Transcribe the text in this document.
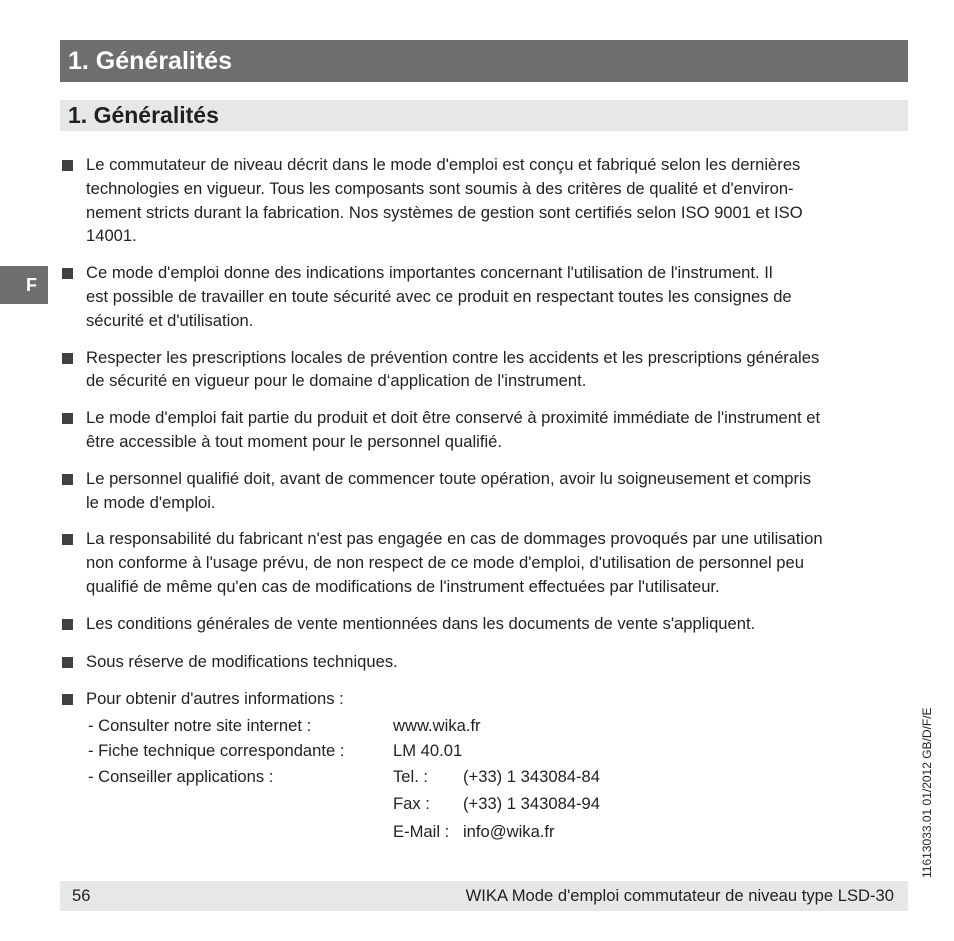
1. Généralités
1. Généralités
F
Le commutateur de niveau décrit dans le mode d'emploi est conçu et fabriqué selon les dernières
technologies en vigueur. Tous les composants sont soumis à des critères de qualité et d'environ-
nement stricts durant la fabrication. Nos systèmes de gestion sont certifiés selon ISO 9001 et ISO
14001.
Ce mode d'emploi donne des indications importantes concernant l'utilisation de l'instrument. Il
est possible de travailler en toute sécurité avec ce produit en respectant toutes les consignes de
sécurité et d'utilisation.
Respecter les prescriptions locales de prévention contre les accidents et les prescriptions générales
de sécurité en vigueur pour le domaine d‘application de l'instrument.
Le mode d'emploi fait partie du produit et doit être conservé à proximité immédiate de l'instrument et
être accessible à tout moment pour le personnel qualifié.
Le personnel qualifié doit, avant de commencer toute opération, avoir lu soigneusement et compris
le mode d'emploi.
La responsabilité du fabricant n'est pas engagée en cas de dommages provoqués par une utilisation
non conforme à l'usage prévu, de non respect de ce mode d'emploi, d'utilisation de personnel peu
qualifié de même qu'en cas de modifications de l'instrument effectuées par l'utilisateur.
Les conditions générales de vente mentionnées dans les documents de vente s'appliquent.
Sous réserve de modifications techniques.
Pour obtenir d'autres informations :
- Consulter notre site internet :	www.wika.fr
- Fiche technique correspondante :	LM 40.01
- Conseiller applications :	Tel. : (+33) 1 343084-84
Fax : (+33) 1 343084-94
E-Mail : info@wika.fr	11613033.01 01/2012 GB/D/F/E
56	WIKA Mode d'emploi commutateur de niveau type LSD-30
